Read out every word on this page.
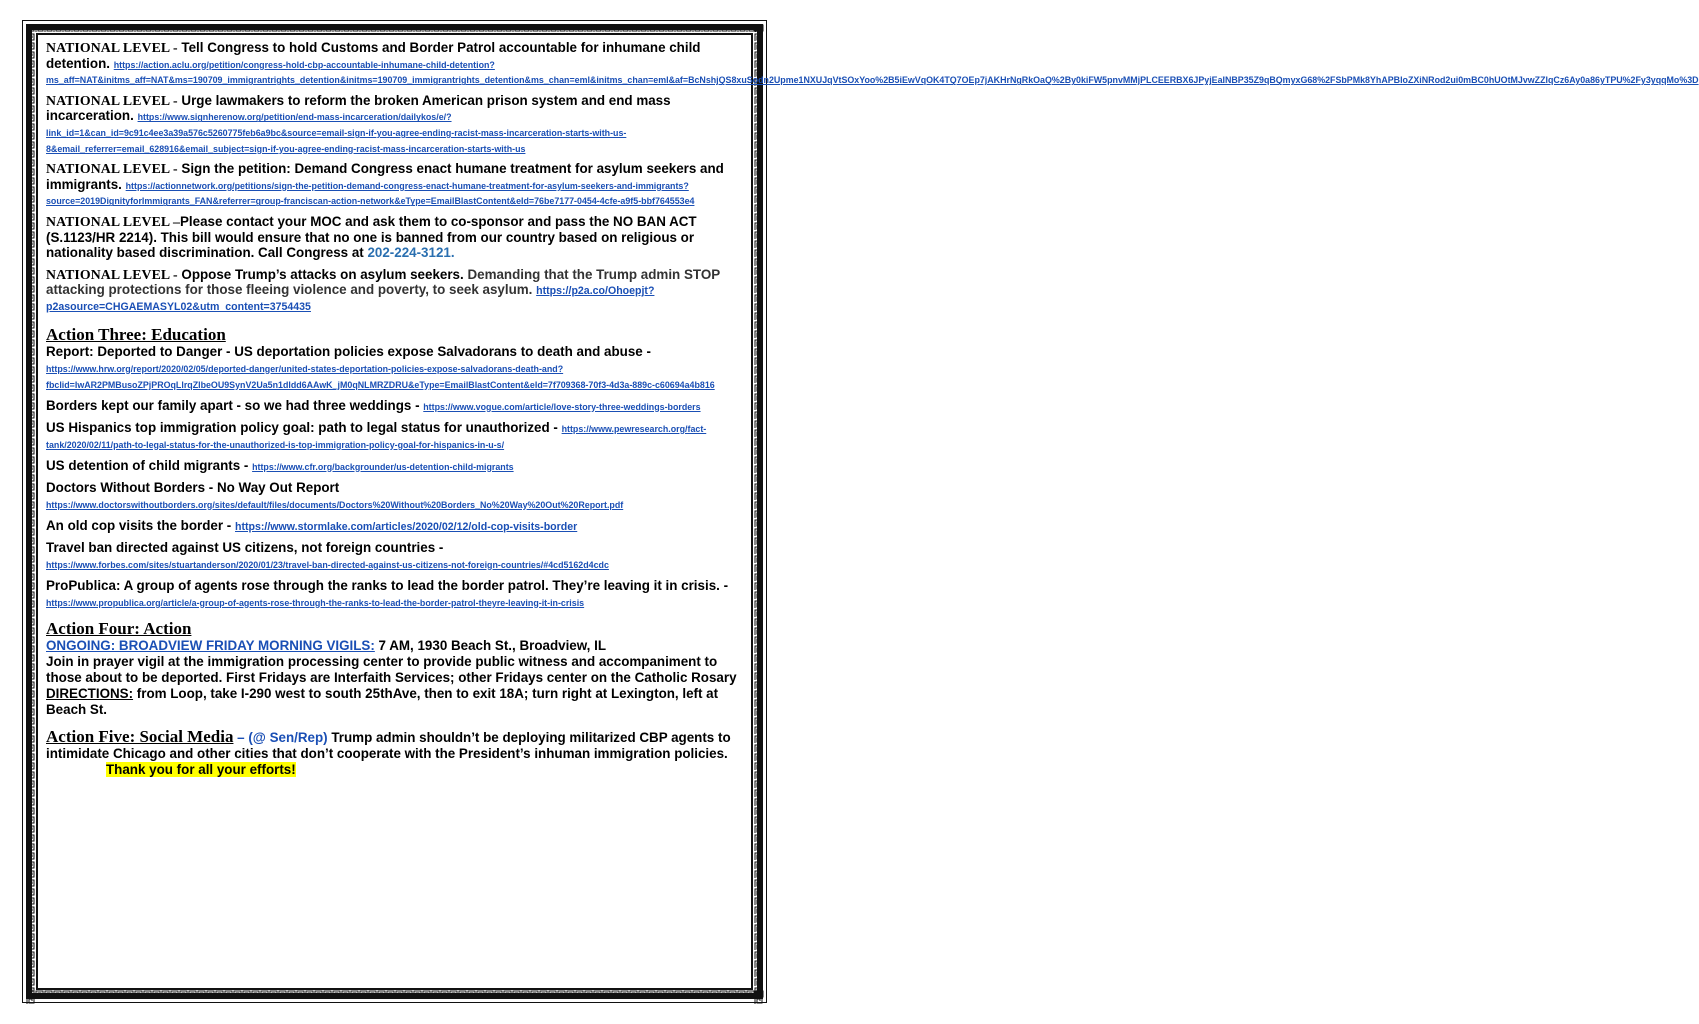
NATIONAL LEVEL - Tell Congress to hold Customs and Border Patrol accountable for inhumane child detention. https://action.aclu.org/petition/congress-hold-cbp-accountable-inhumane-child-detention?ms_aff=NAT&initms_aff=NAT&ms=190709_immigrantrights_detention&initms=190709_immigrantrights_detention&ms_chan=eml&initms_chan=eml&af=BcNshjQS8xuSodn2Upme1NXUJqVtSOxYoo%2B5iEwVqOK4TQ7OEp7jAKHrNgRkOaQ%2By0kiFW5pnvMMjPLCEERBX6JPyjEaINBP35Z9qBQmyxG68%2FSbPMk8YhAPBloZXiNRod2ui0mBC0hUOtMJvwZZlqCz6Ay0a86yTPU%2Fy3yqqMo%3D

NATIONAL LEVEL - Urge lawmakers to reform the broken American prison system and end mass incarceration. https://www.signherenow.org/petition/end-mass-incarceration/dailykos/e/?link_id=1&can_id=9c91c4ee3a39a576c5260775feb6a9bc&source=email-sign-if-you-agree-ending-racist-mass-incarceration-starts-with-us-8&email_referrer=email_628916&email_subject=sign-if-you-agree-ending-racist-mass-incarceration-starts-with-us

NATIONAL LEVEL - Sign the petition: Demand Congress enact humane treatment for asylum seekers and immigrants. https://actionnetwork.org/petitions/sign-the-petition-demand-congress-enact-humane-treatment-for-asylum-seekers-and-immigrants?source=2019DignityforImmigrants_FAN&referrer=group-franciscan-action-network&eType=EmailBlastContent&eId=76be7177-0454-4cfe-a9f5-bbf764553e4

NATIONAL LEVEL –Please contact your MOC and ask them to co-sponsor and pass the NO BAN ACT (S.1123/HR 2214). This bill would ensure that no one is banned from our country based on religious or nationality based discrimination. Call Congress at 202-224-3121.

NATIONAL LEVEL - Oppose Trump’s attacks on asylum seekers. Demanding that the Trump admin STOP attacking protections for those fleeing violence and poverty, to seek asylum. https://p2a.co/Ohoepjt?p2asource=CHGAEMASYL02&utm_content=3754435

Action Three: Education

Report: Deported to Danger - US deportation policies expose Salvadorans to death and abuse - https://www.hrw.org/report/2020/02/05/deported-danger/united-states-deportation-policies-expose-salvadorans-death-and?fbclid=IwAR2PMBusoZPjPROqLlrqZlbeOU9SynV2Ua5n1dldd6AAwK_jM0qNLMRZDRU&eType=EmailBlastContent&eId=7f709368-70f3-4d3a-889c-c60694a4b816

Borders kept our family apart - so we had three weddings - https://www.vogue.com/article/love-story-three-weddings-borders

US Hispanics top immigration policy goal: path to legal status for unauthorized - https://www.pewresearch.org/fact-tank/2020/02/11/path-to-legal-status-for-the-unauthorized-is-top-immigration-policy-goal-for-hispanics-in-u-s/

US detention of child migrants - https://www.cfr.org/backgrounder/us-detention-child-migrants

Doctors Without Borders - No Way Out Report
https://www.doctorswithoutborders.org/sites/default/files/documents/Doctors%20Without%20Borders_No%20Way%20Out%20Report.pdf

An old cop visits the border - https://www.stormlake.com/articles/2020/02/12/old-cop-visits-border

Travel ban directed against US citizens, not foreign countries -
https://www.forbes.com/sites/stuartanderson/2020/01/23/travel-ban-directed-against-us-citizens-not-foreign-countries/#4cd5162d4cdc

ProPublica: A group of agents rose through the ranks to lead the border patrol. They’re leaving it in crisis. - https://www.propublica.org/article/a-group-of-agents-rose-through-the-ranks-to-lead-the-border-patrol-theyre-leaving-it-in-crisis

Action Four: Action

ONGOING: BROADVIEW FRIDAY MORNING VIGILS: 7 AM, 1930 Beach St., Broadview, IL
Join in prayer vigil at the immigration processing center to provide public witness and accompaniment to those about to be deported. First Fridays are Interfaith Services; other Fridays center on the Catholic Rosary DIRECTIONS: from Loop, take I-290 west to south 25thAve, then to exit 18A; turn right at Lexington, left at Beach St.

Action Five: Social Media – (@ Sen/Rep) Trump admin shouldn’t be deploying militarized CBP agents to intimidate Chicago and other cities that don’t cooperate with the President’s inhuman immigration policies. Thank you for all your efforts!
